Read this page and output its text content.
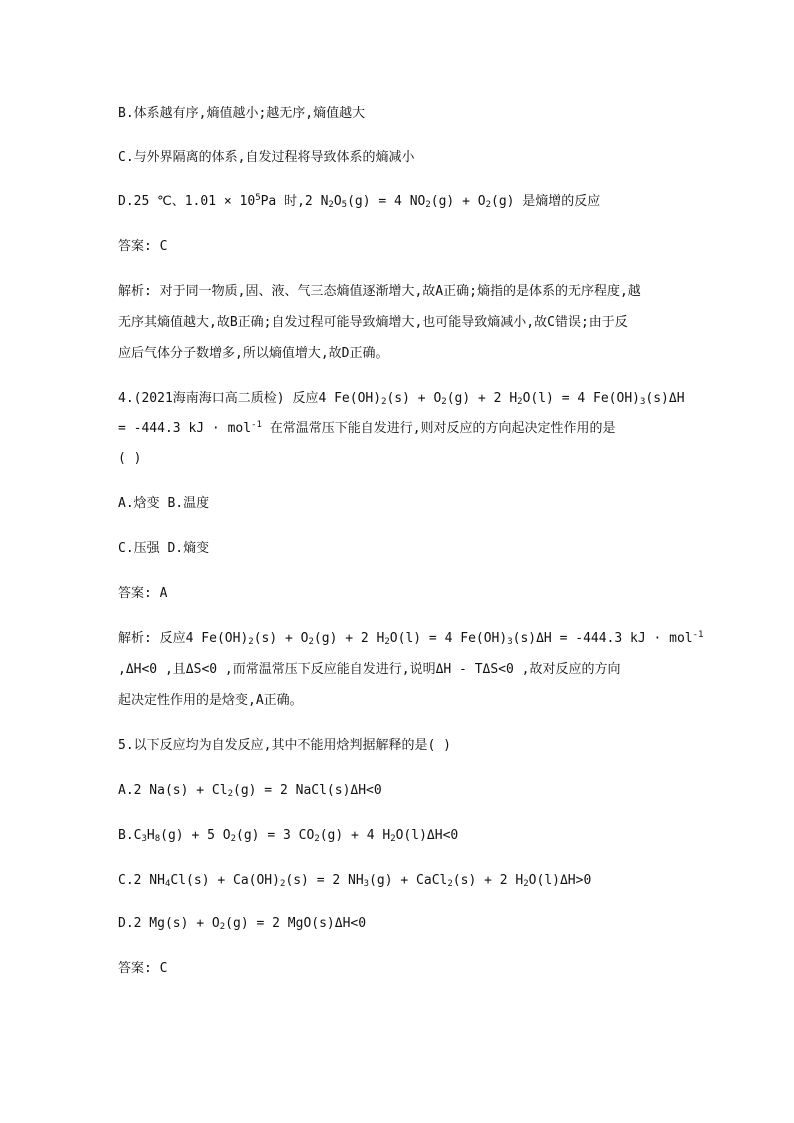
B.体系越有序,熵值越小;越无序,熵值越大
C.与外界隔离的体系,自发过程将导致体系的熵减小
D.25 ℃、$1.01 \times 10^5Pa$ 时,2 $N_2O_5(g) = 4$ $NO_2(g) + O_2(g)$ 是熵增的反应
答案: C
解析: 对于同一物质,固、液、气三态熵值逐渐增大,故A正确;熵指的是体系的无序程度,越
无序其熵值越大,故B正确;自发过程可能导致熵增大,也可能导致熵减小,故C错误;由于反
应后气体分子数增多,所以熵值增大,故D正确。
4.(2021海南海口高二质检) 反应4 $Fe(OH)_2(s) + O_2(g) + 2$ $H_2O(l) = 4$ $Fe(OH)_3(s)\Delta H$
= -444.3 kJ · mol$^{-1}$ 在常温常压下能自发进行,则对反应的方向起决定性作用的是
( )
A.焓变 B.温度
C.压强 D.熵变
答案: A
解析: 反应4 $Fe(OH)_2(s) + O_2(g) + 2$ $H_2O(l) = 4$ $Fe(OH)_3(s)\Delta H = -444.3$ kJ · mol$^{-1}$
,ΔH<0 ,且ΔS<0 ,而常温常压下反应能自发进行,说明ΔH - TΔS<0 ,故对反应的方向
起决定性作用的是焓变,A正确。
5.以下反应均为自发反应,其中不能用焓判据解释的是( )
A.2 $Na(s) + Cl_2(g) = 2$ NaCl(s)ΔH<0
$B.C_3H_8(g) + 5$ $O_2(g) = 3$ $CO_2(g) + 4$ $H_2O(l)\Delta H<0$
C.2 $NH_4Cl(s) + Ca(OH)_2(s) = 2$ $NH_3(g)$ + CaCl$_2$(s) + 2 $H_2O(l)\Delta H>0$
D.2 $Mg(s) + O_2(g) = 2$ MgO(s)ΔH<0
答案: C
